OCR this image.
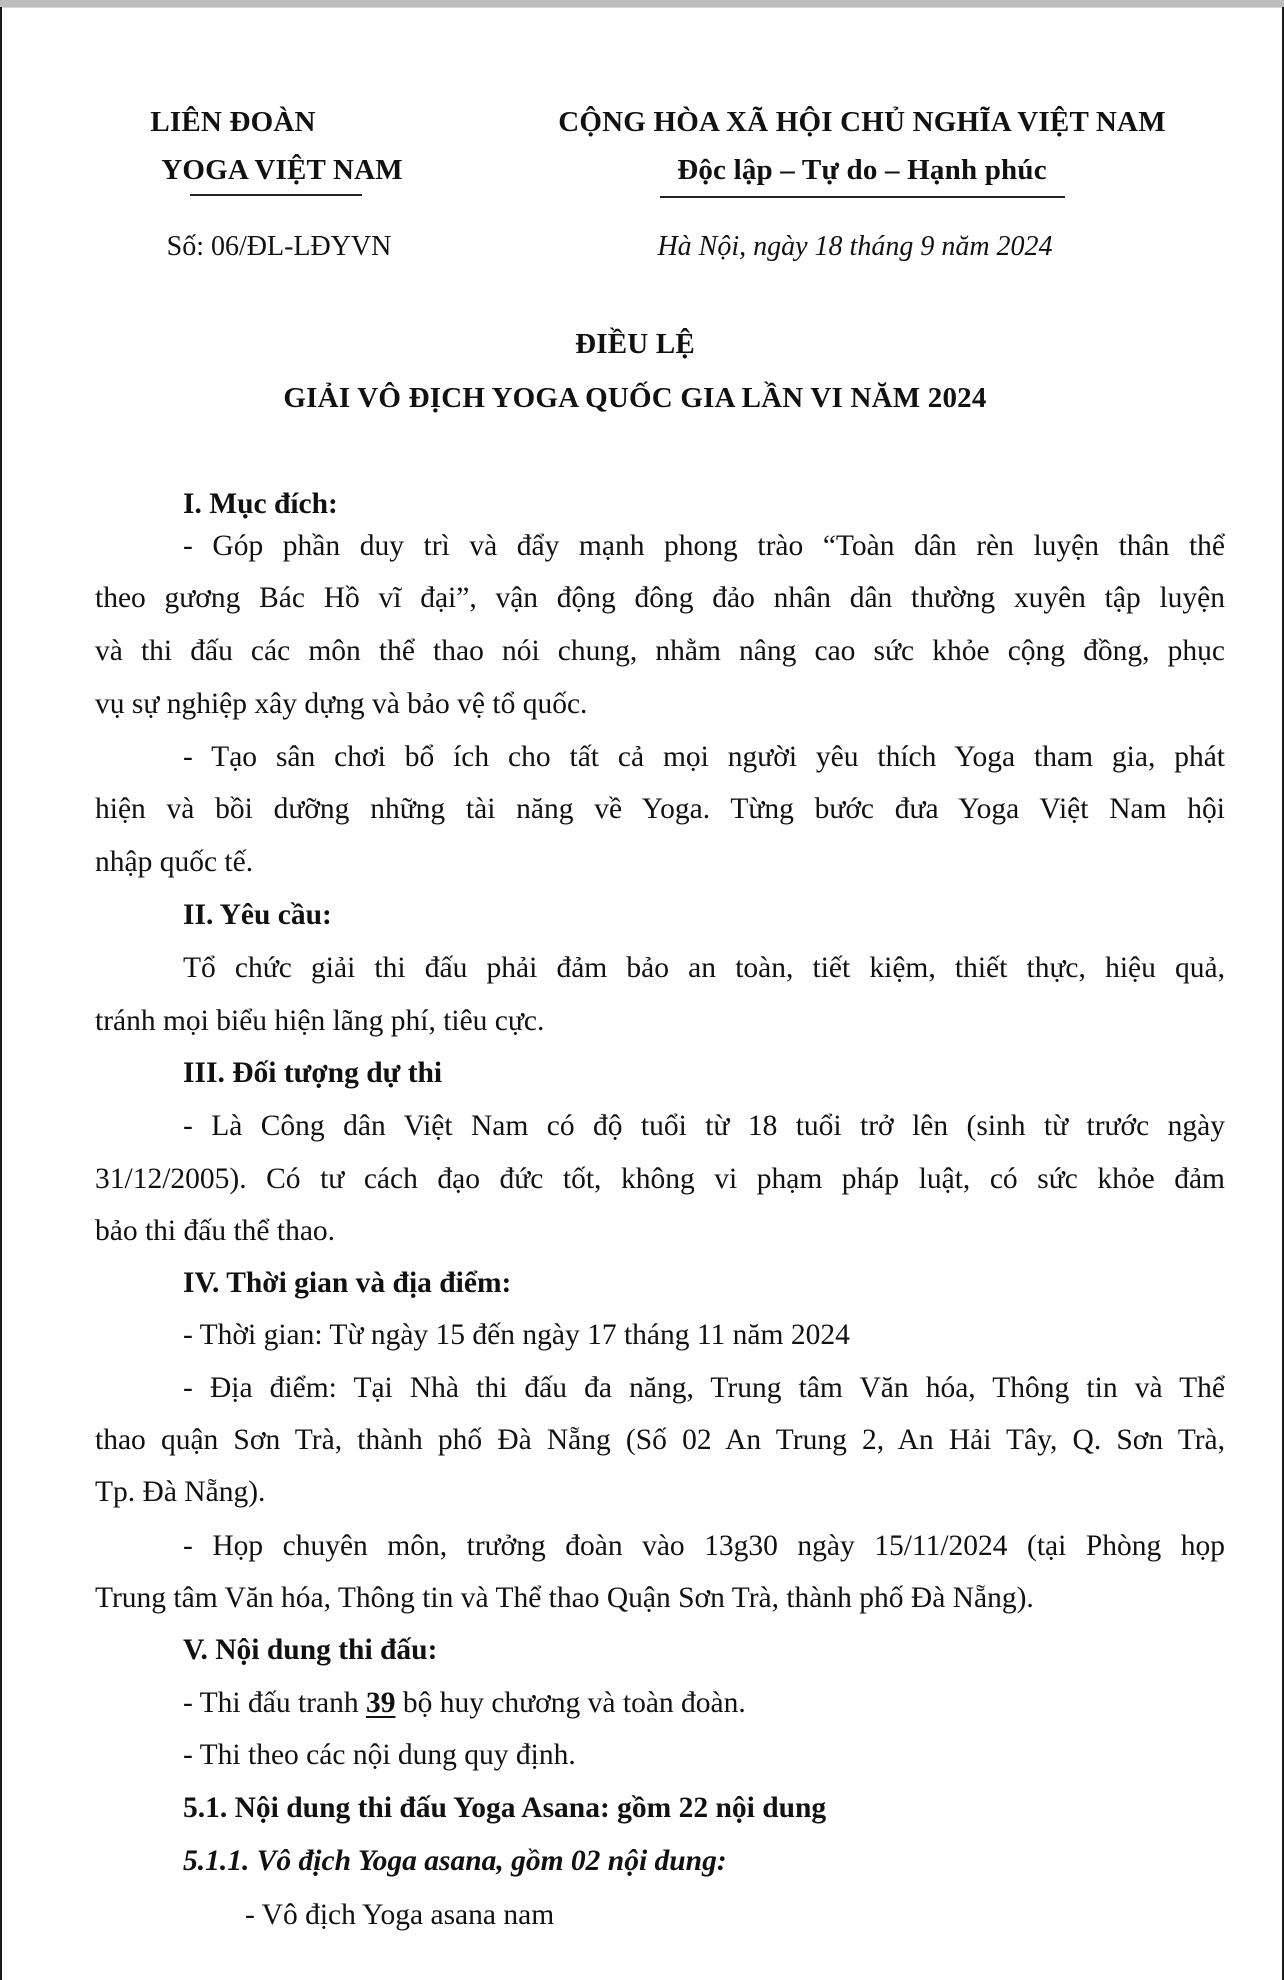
LIÊN ĐOÀN
YOGA VIỆT NAM
CỘNG HÒA XÃ HỘI CHỦ NGHĨA VIỆT NAM
Độc lập – Tự do – Hạnh phúc
Số: 06/ĐL-LĐYVN	Hà Nội, ngày 18 tháng 9 năm 2024
ĐIỀU LỆ
GIẢI VÔ ĐỊCH YOGA QUỐC GIA LẦN VI NĂM 2024
I. Mục đích:
- Góp phần duy trì và đẩy mạnh phong trào “Toàn dân rèn luyện thân thể
theo gương Bác Hồ vĩ đại”, vận động đông đảo nhân dân thường xuyên tập luyện
và thi đấu các môn thể thao nói chung, nhằm nâng cao sức khỏe cộng đồng, phục
vụ sự nghiệp xây dựng và bảo vệ tổ quốc.
- Tạo sân chơi bổ ích cho tất cả mọi người yêu thích Yoga tham gia, phát
hiện và bồi dưỡng những tài năng về Yoga. Từng bước đưa Yoga Việt Nam hội
nhập quốc tế.
II. Yêu cầu:
Tổ chức giải thi đấu phải đảm bảo an toàn, tiết kiệm, thiết thực, hiệu quả,
tránh mọi biểu hiện lãng phí, tiêu cực.
III. Đối tượng dự thi
- Là Công dân Việt Nam có độ tuổi từ 18 tuổi trở lên (sinh từ trước ngày
31/12/2005). Có tư cách đạo đức tốt, không vi phạm pháp luật, có sức khỏe đảm
bảo thi đấu thể thao.
IV. Thời gian và địa điểm:
- Thời gian: Từ ngày 15 đến ngày 17 tháng 11 năm 2024
- Địa điểm: Tại Nhà thi đấu đa năng, Trung tâm Văn hóa, Thông tin và Thể
thao quận Sơn Trà, thành phố Đà Nẵng (Số 02 An Trung 2, An Hải Tây, Q. Sơn Trà,
Tp. Đà Nẵng).
- Họp chuyên môn, trưởng đoàn vào 13g30 ngày 15/11/2024 (tại Phòng họp
Trung tâm Văn hóa, Thông tin và Thể thao Quận Sơn Trà, thành phố Đà Nẵng).
V. Nội dung thi đấu:
- Thi đấu tranh 39 bộ huy chương và toàn đoàn.
- Thi theo các nội dung quy định.
5.1. Nội dung thi đấu Yoga Asana: gồm 22 nội dung
5.1.1. Vô địch Yoga asana, gồm 02 nội dung:
- Vô địch Yoga asana nam
